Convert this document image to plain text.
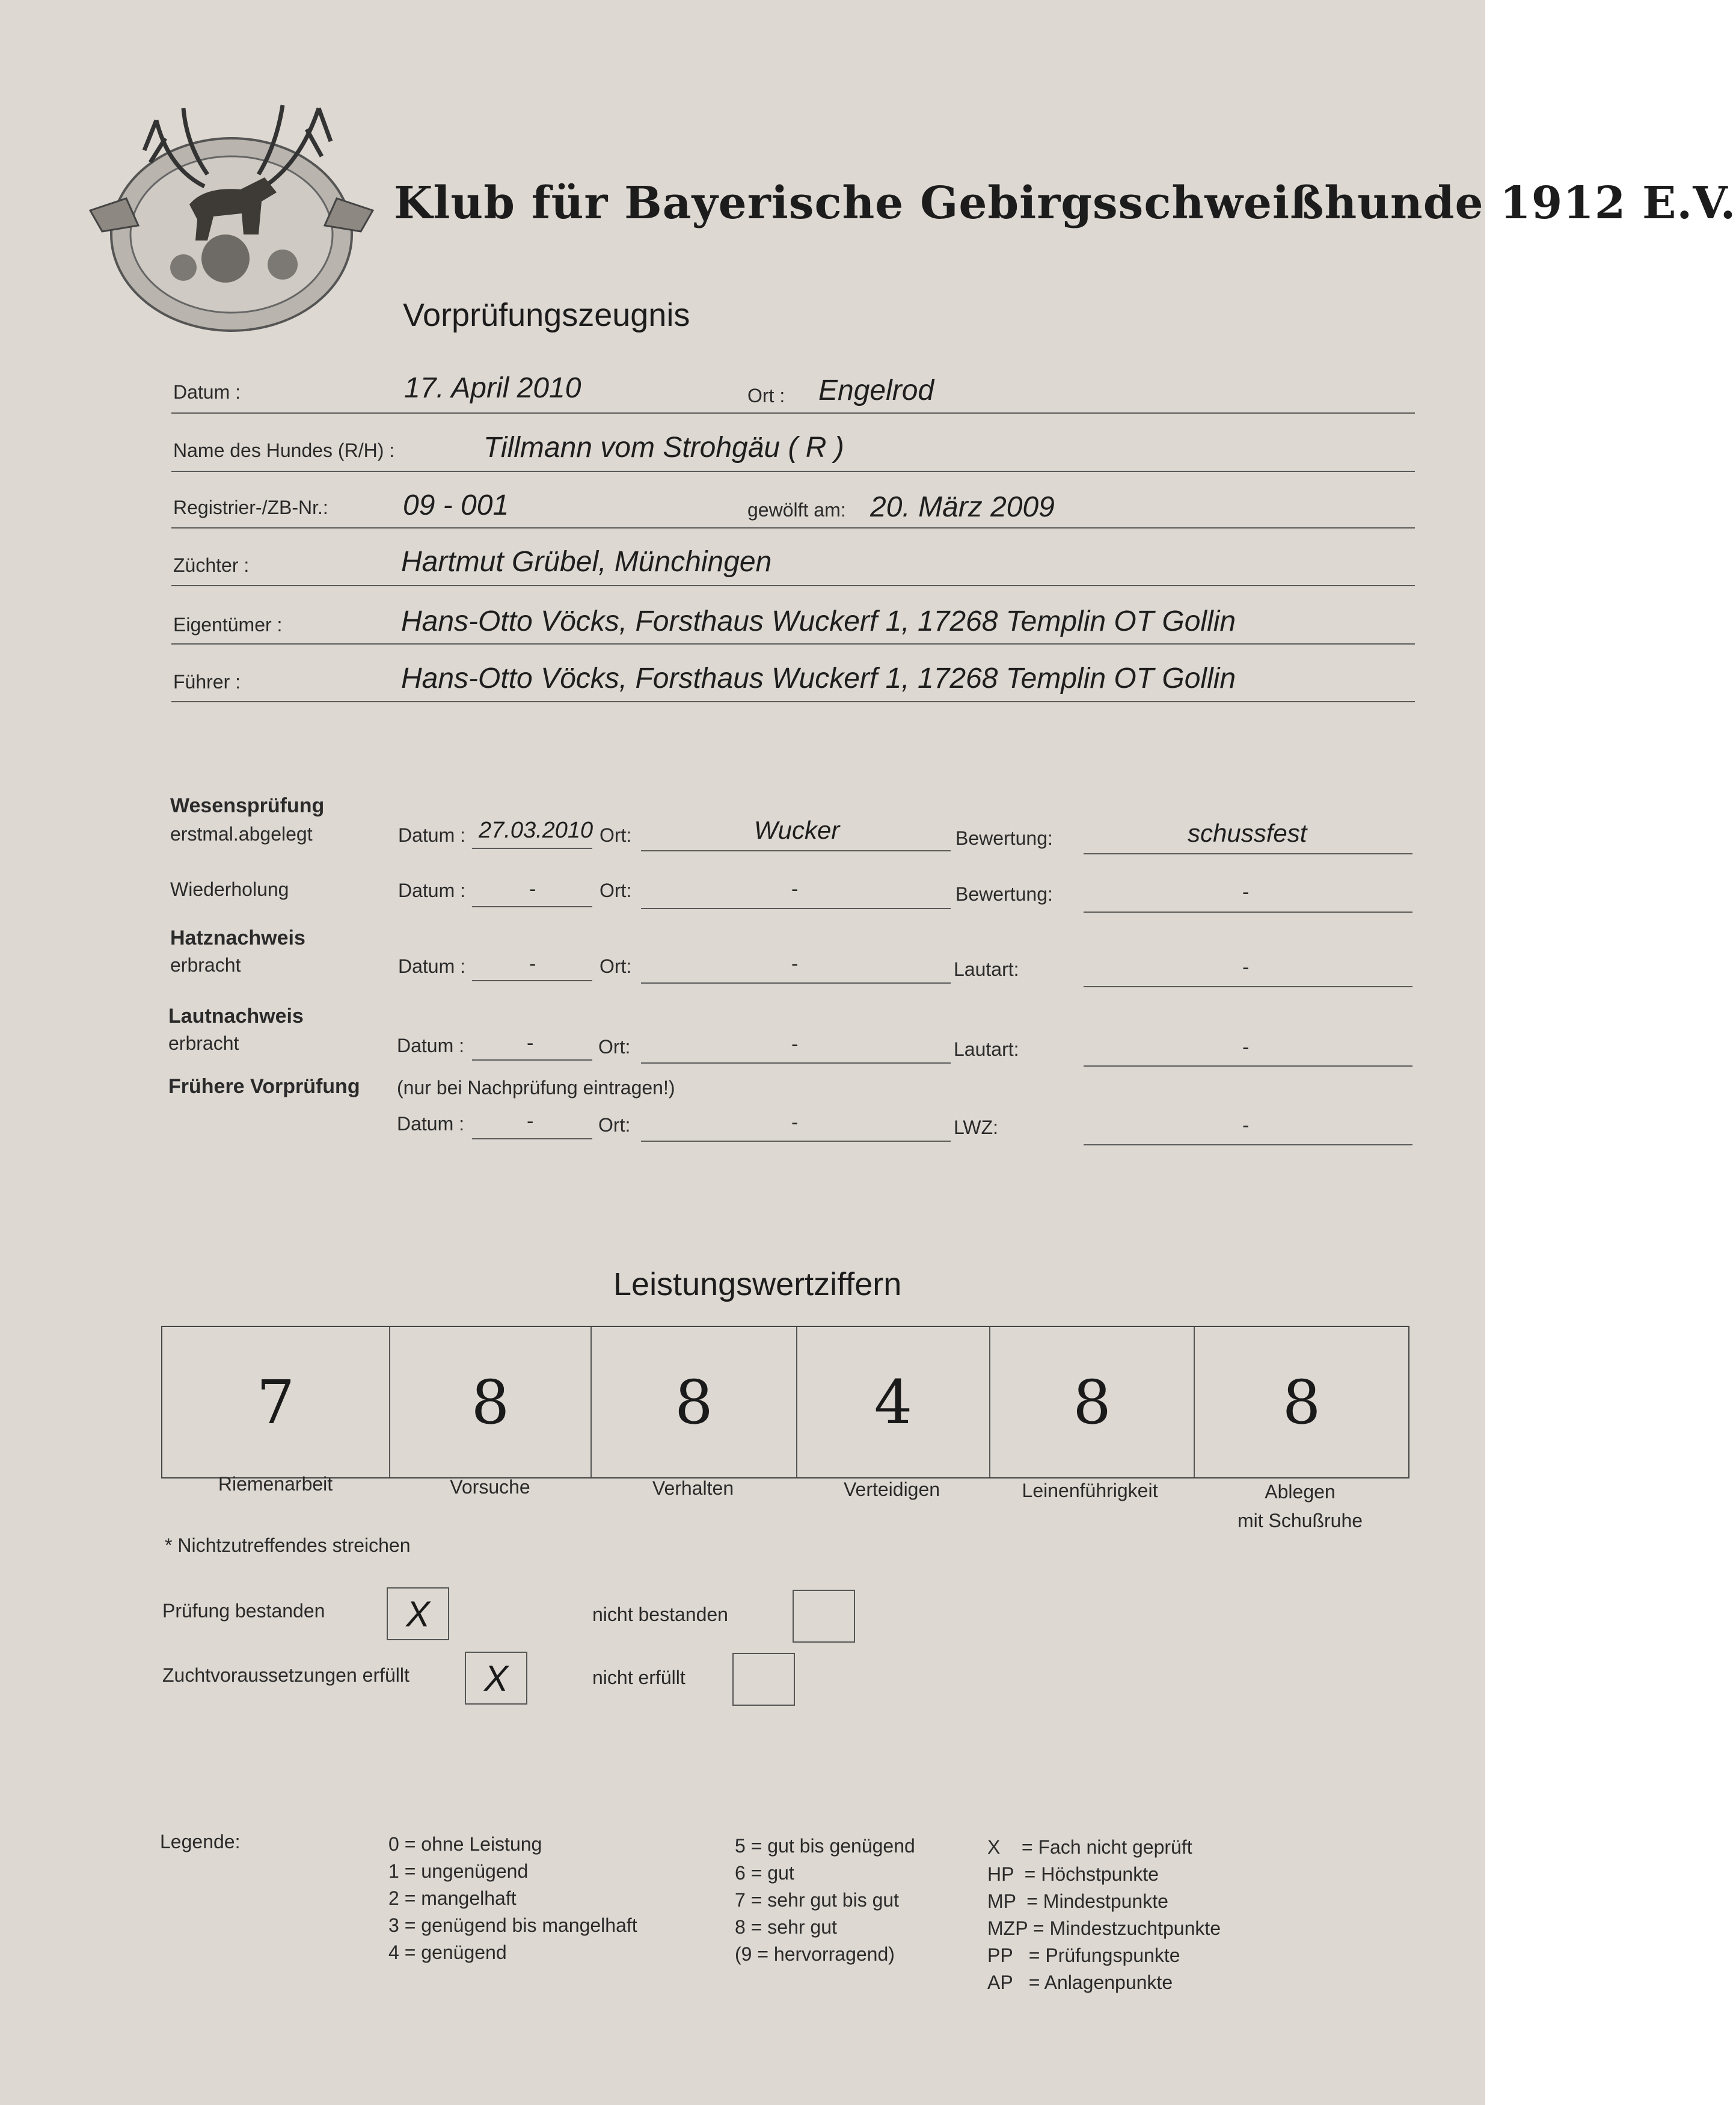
Klub für Bayerische Gebirgsschweißhunde 1912 E.V.
Vorprüfungszeugnis
Datum :	17. April 2010	Ort : Engelrod
Name des Hundes (R/H) :	Tillmann vom Strohgäu ( R )
Registrier-/ZB-Nr.:	09 - 001	gewölft am: 20. März 2009
Züchter :	Hartmut Grübel, Münchingen
Eigentümer :	Hans-Otto Vöcks, Forsthaus Wuckerf 1, 17268 Templin OT Gollin
Führer :	Hans-Otto Vöcks, Forsthaus Wuckerf 1, 17268 Templin OT Gollin
Wesensprüfung
erstmal.abgelegt	Datum : 27.03.2010 Ort:	Wucker	Bewertung:	schussfest
Wiederholung	Datum :	-	Ort:	-	Bewertung:	-
Hatznachweis
erbracht	Datum :	-	Ort:	-	Lautart:	-
Lautnachweis
erbracht	Datum :	-	Ort:	-	Lautart:	-
Frühere Vorprüfung (nur bei Nachprüfung eintragen!)
Datum :	-	Ort:	-	LWZ:	-
Leistungswertziffern
7	8	8	4	8	8
Riemenarbeit	Vorsuche	Verhalten	Verteidigen	Leinenführigkeit	Ablegen
mit Schußruhe
* Nichtzutreffendes streichen
Prüfung bestanden	X	nicht bestanden
Zuchtvoraussetzungen erfüllt	X	nicht erfüllt
Legende:	0 = ohne Leistung
1 = ungenügend
2 = mangelhaft
3 = genügend bis mangelhaft
4 = genügend
5 = gut bis genügend
6 = gut
7 = sehr gut bis gut
8 = sehr gut
(9 = hervorragend)
X    = Fach nicht geprüft
HP  = Höchstpunkte
MP  = Mindestpunkte
MZP = Mindestzuchtpunkte
PP   = Prüfungspunkte
AP   = Anlagenpunkte
